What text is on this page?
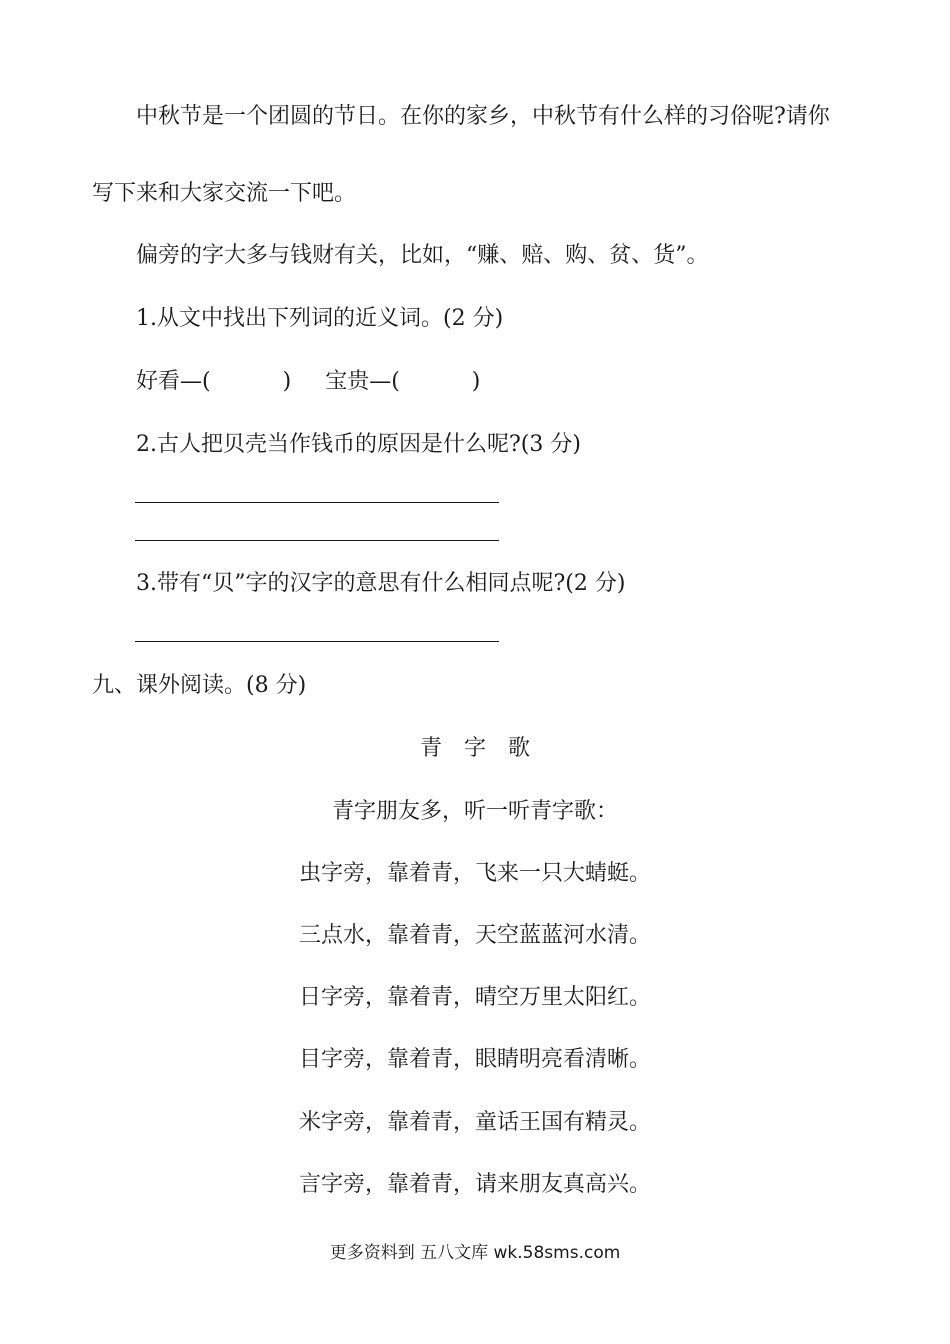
中秋节是一个团圆的节日。在你的家乡，中秋节有什么样的习俗呢?请你
写下来和大家交流一下吧。
偏旁的字大多与钱财有关，比如，“赚、赔、购、贫、货”。
1.从文中找出下列词的近义词。(2 分)
好看—(	) 宝贵—(	)
2.古人把贝壳当作钱币的原因是什么呢?(3 分)
3.带有“贝”字的汉字的意思有什么相同点呢?(2 分)
九、课外阅读。(8 分)
青　字　歌
青字朋友多，听一听青字歌：
虫字旁，靠着青，飞来一只大蜻蜓。
三点水，靠着青，天空蓝蓝河水清。
日字旁，靠着青，晴空万里太阳红。
目字旁，靠着青，眼睛明亮看清晰。
米字旁，靠着青，童话王国有精灵。
言字旁，靠着青，请来朋友真高兴。
更多资料到 五八文库 wk.58sms.com
